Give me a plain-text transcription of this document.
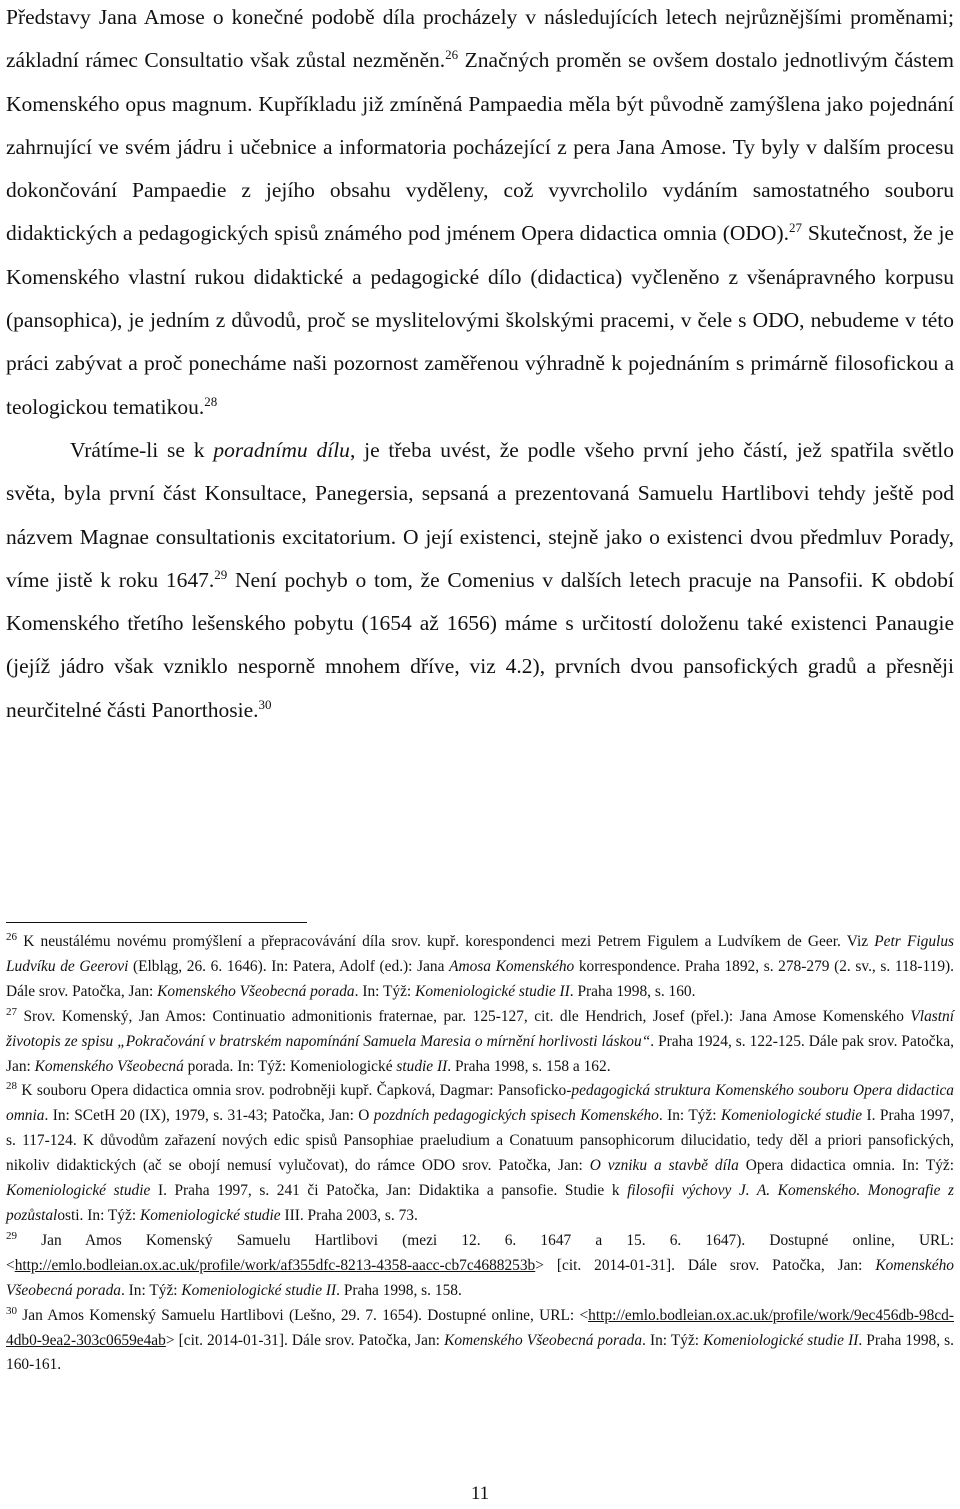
Představy Jana Amose o konečné podobě díla procházely v následujících letech nejrůznějšími proměnami; základní rámec Consultatio však zůstal nezměněn.$^{26}$ Značných proměn se ovšem dostalo jednotlivým částem Komenského opus magnum. Kupříkladu již zmíněná Pampaedia měla být původně zamýšlena jako pojednání zahrnující ve svém jádru i učebnice a informatoria pocházející z pera Jana Amose. Ty byly v dalším procesu dokončování Pampaedie z jejího obsahu vyděleny, což vyvrcholilo vydáním samostatného souboru didaktických a pedagogických spisů známého pod jménem Opera didactica omnia (ODO).$^{27}$ Skutečnost, že je Komenského vlastní rukou didaktické a pedagogické dílo (didactica) vyčleněno z všenápravného korpusu (pansophica), je jedním z důvodů, proč se myslitelovými školskými pracemi, v čele s ODO, nebudeme v této práci zabývat a proč ponecháme naši pozornost zaměřenou výhradně k pojednáním s primárně filosofickou a teologickou tematikou.$^{28}$

Vrátíme-li se k poradnímu dílu, je třeba uvést, že podle všeho první jeho částí, jež spatřila světlo světa, byla první část Konsultace, Panegersia, sepsaná a prezentovaná Samuelu Hartlibovi tehdy ještě pod názvem Magnae consultationis excitatorium. O její existenci, stejně jako o existenci dvou předmluv Porady, víme jistě k roku 1647.29 Není pochyb o tom, že Comenius v dalších letech pracuje na Pansofii. K období Komenského třetího lešenského pobytu (1654 až 1656) máme s určitostí doloženu také existenci Panaugie (jejíž jádro však vzniklo nesporně mnohem dříve, viz 4.2), prvních dvou pansofických gradů a přesněji neurčitelné části Panorthosie.$^{30}$

$^{26}$ K neustálému novému promýšlení a přepracovávání díla srov. kupř. korespondenci mezi Petrem Figulem a Ludvíkem de Geer. Viz Petr Figulus Ludvíku de Geerovi (Elbląg, 26. 6. 1646). In: Patera, Adolf (ed.): Jana Amosa Komenského korrespondence. Praha 1892, s. 278-279 (2. sv., s. 118-119). Dále srov. Patočka, Jan: Komenského Všeobecná porada. In: Týž: Komeniologické studie II. Praha 1998, s. 160.

$^{27}$ Srov. Komenský, Jan Amos: Continuatio admonitionis fraternae, par. 125-127, cit. dle Hendrich, Josef (přel.): Jana Amose Komenského Vlastní životopis ze spisu „Pokračování v bratrském napomínání Samuela Maresia o mírnění horlivosti láskou“. Praha 1924, s. 122-125. Dále pak srov. Patočka, Jan: Komenského Všeobecná porada. In: Týž: Komeniologické studie II. Praha 1998, s. 158 a 162.

$^{28}$ K souboru Opera didactica omnia srov. podrobněji kupř. Čapková, Dagmar: Pansoficko-pedagogická struktura Komenského souboru Opera didactica omnia. In: SCetH 20 (IX), 1979, s. 31-43; Patočka, Jan: O pozdních pedagogických spisech Komenského. In: Týž: Komeniologické studie I. Praha 1997, s. 117-124. K důvodům zařazení nových edic spisů Pansophiae praeludium a Conatuum pansophicorum dilucidatio, tedy děl a priori pansofických, nikoliv didaktických (ač se obojí nemusí vylučovat), do rámce ODO srov. Patočka, Jan: O vzniku a stavbě díla Opera didactica omnia. In: Týž: Komeniologické studie I. Praha 1997, s. 241 či Patočka, Jan: Didaktika a pansofie. Studie k filosofii výchovy J. A. Komenského. Monografie z pozůstalosti. In: Týž: Komeniologické studie III. Praha 2003, s. 73.

$^{29}$ Jan Amos Komenský Samuelu Hartlibovi (mezi 12. 6. 1647 a 15. 6. 1647). Dostupné online, URL: <http://emlo.bodleian.ox.ac.uk/profile/work/af355dfc-8213-4358-aacc-cb7c4688253b> [cit. 2014-01-31]. Dále srov. Patočka, Jan: Komenského Všeobecná porada. In: Týž: Komeniologické studie II. Praha 1998, s. 158.

$^{30}$ Jan Amos Komenský Samuelu Hartlibovi (Lešno, 29. 7. 1654). Dostupné online, URL: <http://emlo.bodleian.ox.ac.uk/profile/work/9ec456db-98cd-4db0-9ea2-303c0659e4ab> [cit. 2014-01-31]. Dále srov. Patočka, Jan: Komenského Všeobecná porada. In: Týž: Komeniologické studie II. Praha 1998, s. 160-161.

11
